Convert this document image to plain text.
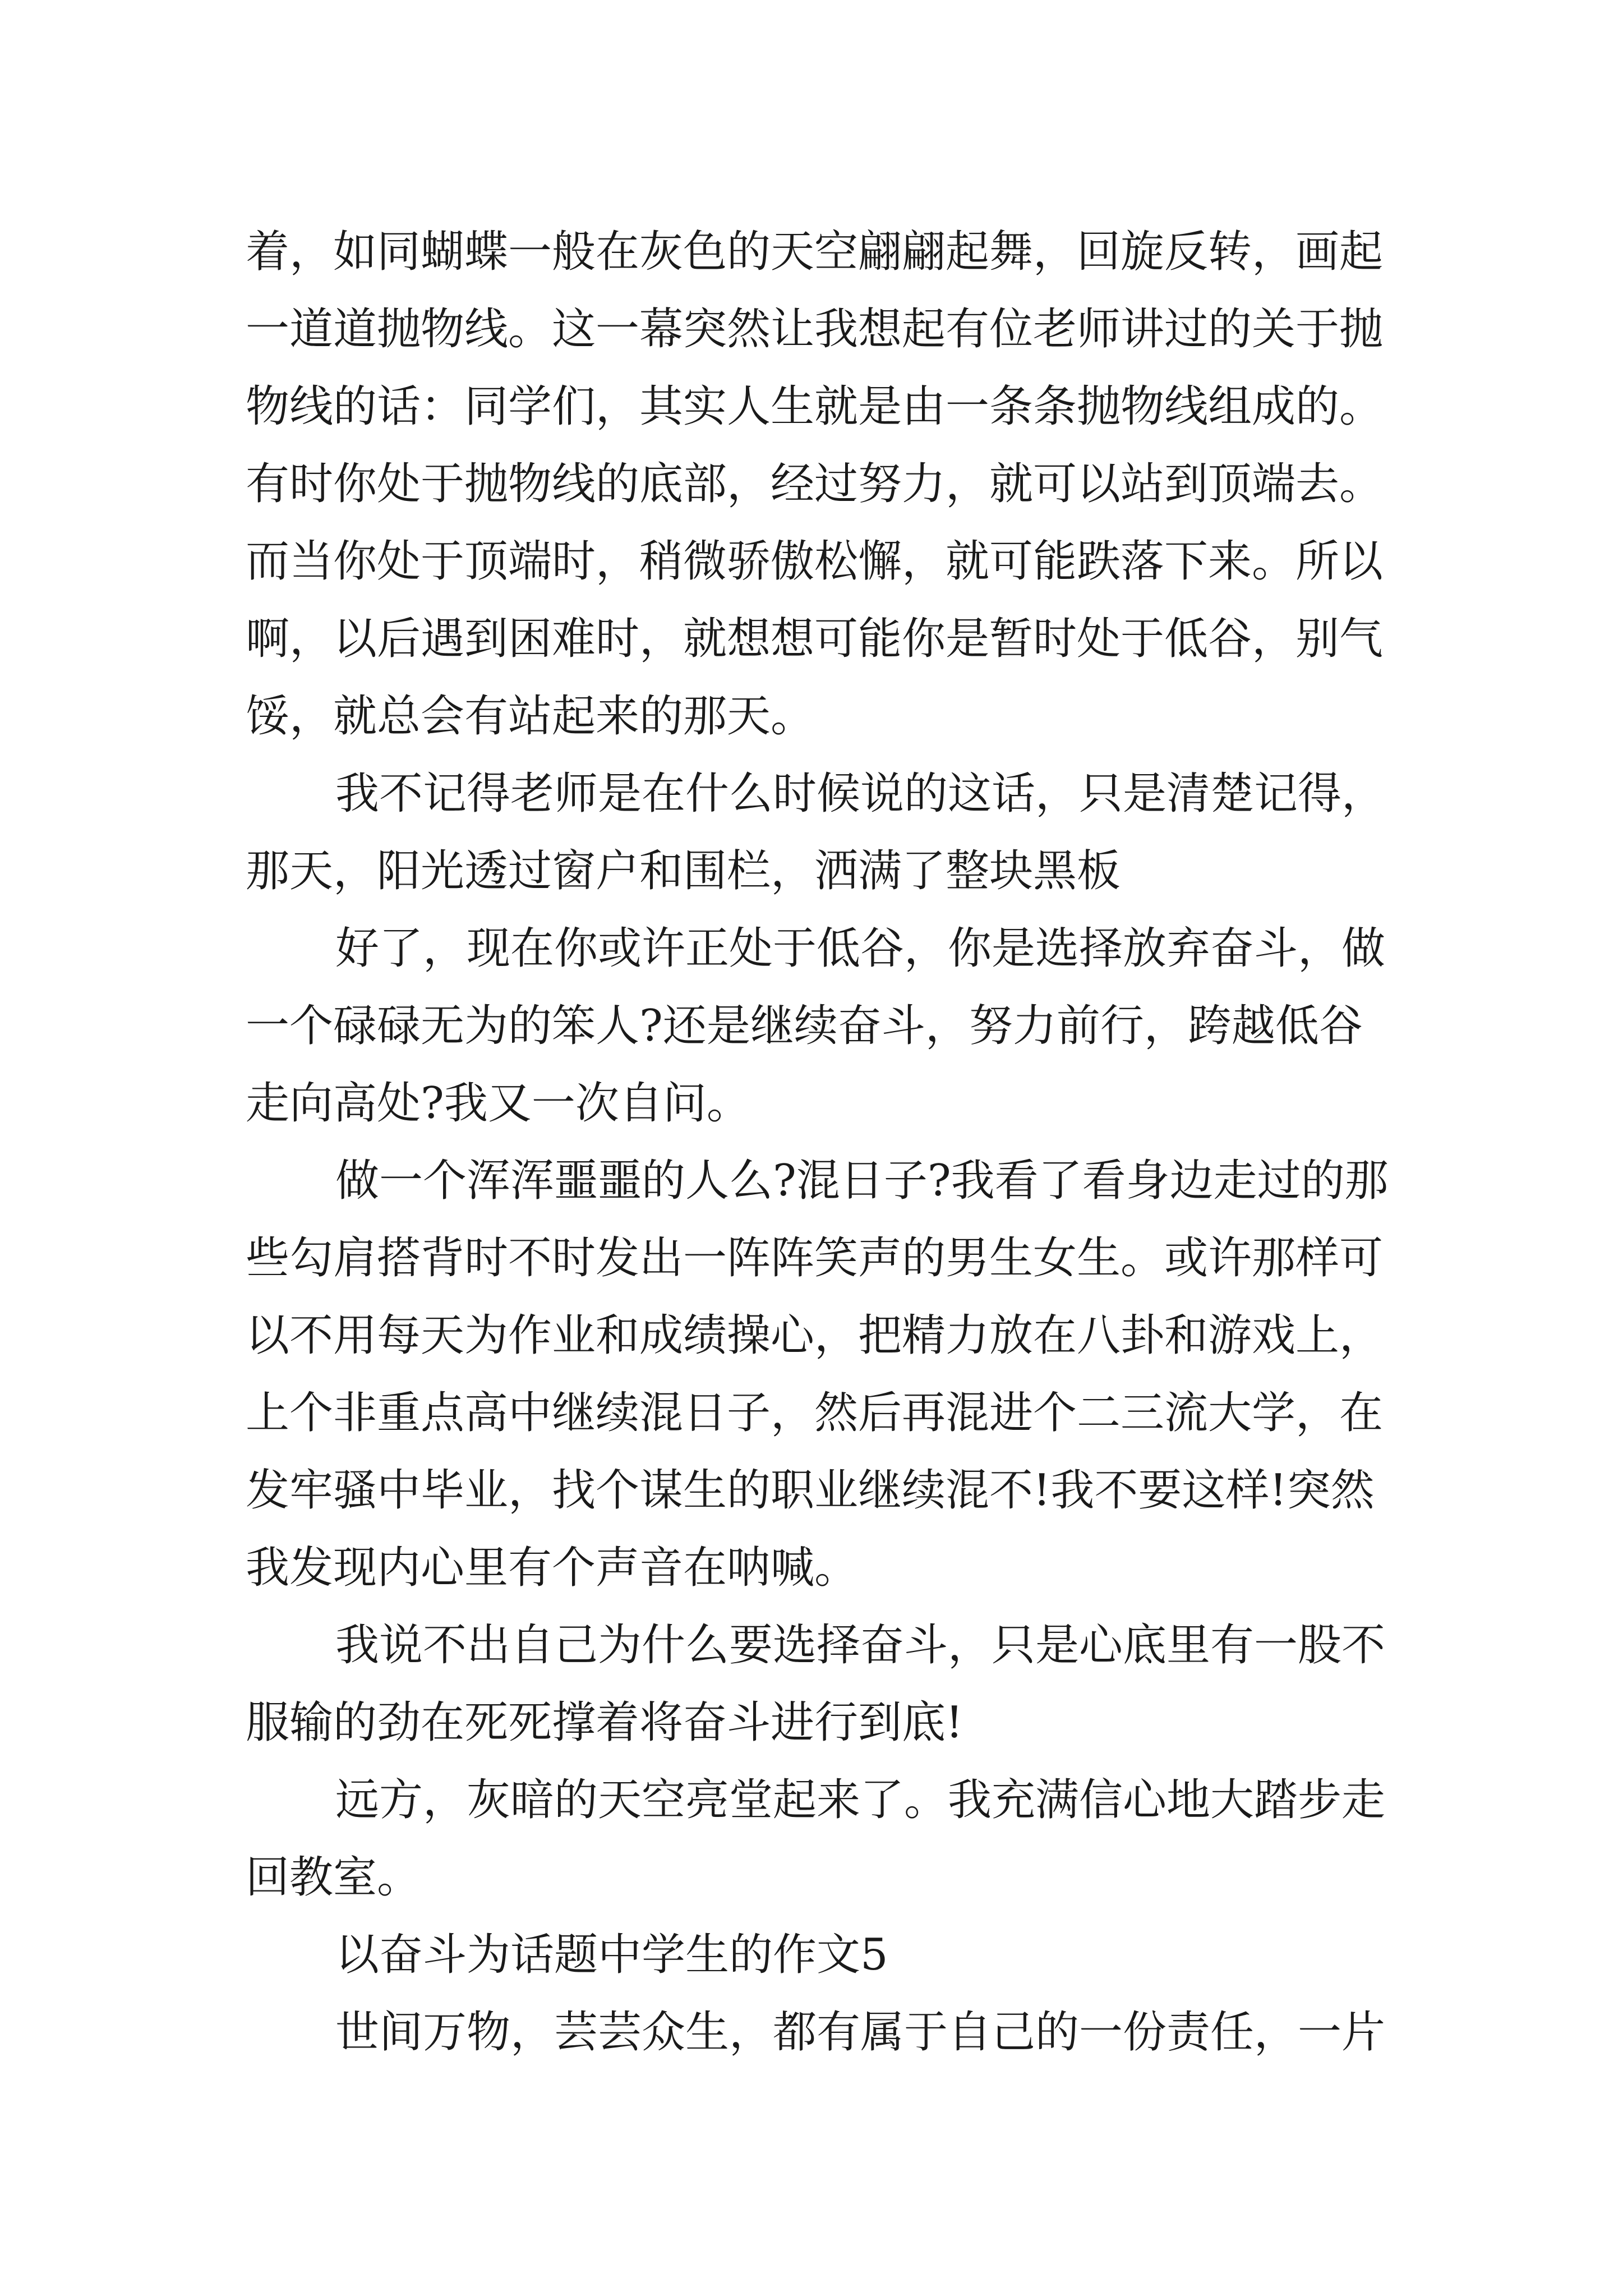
着，如同蝴蝶一般在灰色的天空翩翩起舞，回旋反转，画起
一道道抛物线。这一幕突然让我想起有位老师讲过的关于抛
物线的话：同学们，其实人生就是由一条条抛物线组成的。
有时你处于抛物线的底部，经过努力，就可以站到顶端去。
而当你处于顶端时，稍微骄傲松懈，就可能跌落下来。所以
啊，以后遇到困难时，就想想可能你是暂时处于低谷，别气
馁，就总会有站起来的那天。
我不记得老师是在什么时候说的这话，只是清楚记得，
那天，阳光透过窗户和围栏，洒满了整块黑板
好了，现在你或许正处于低谷，你是选择放弃奋斗，做
一个碌碌无为的笨人?还是继续奋斗，努力前行，跨越低谷
走向高处?我又一次自问。
做一个浑浑噩噩的人么?混日子?我看了看身边走过的那
些勾肩搭背时不时发出一阵阵笑声的男生女生。或许那样可
以不用每天为作业和成绩操心，把精力放在八卦和游戏上，
上个非重点高中继续混日子，然后再混进个二三流大学，在
发牢骚中毕业，找个谋生的职业继续混不!我不要这样!突然
我发现内心里有个声音在呐喊。
我说不出自己为什么要选择奋斗，只是心底里有一股不
服输的劲在死死撑着将奋斗进行到底!
远方，灰暗的天空亮堂起来了。我充满信心地大踏步走
回教室。
以奋斗为话题中学生的作文5
世间万物，芸芸众生，都有属于自己的一份责任，一片
